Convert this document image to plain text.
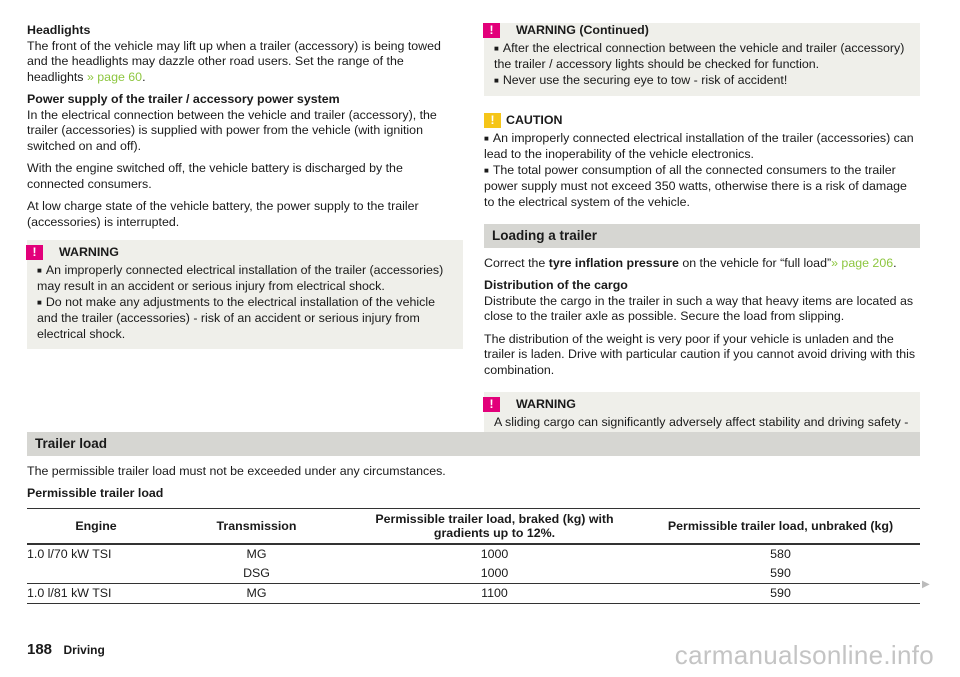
Headlights
The front of the vehicle may lift up when a trailer (accessory) is being towed and the headlights may dazzle other road users. Set the range of the headlights » page 60.

Power supply of the trailer / accessory power system
In the electrical connection between the vehicle and trailer (accessory), the trailer (accessories) is supplied with power from the vehicle (with ignition switched on and off).

With the engine switched off, the vehicle battery is discharged by the connected consumers.

At low charge state of the vehicle battery, the power supply to the trailer (accessories) is interrupted.

!	WARNING
■ An improperly connected electrical installation of the trailer (accessories) may result in an accident or serious injury from electrical shock.
■ Do not make any adjustments to the electrical installation of the vehicle and the trailer (accessories) - risk of an accident or serious injury from electrical shock.
!	WARNING (Continued)
■ After the electrical connection between the vehicle and trailer (accessory) the trailer / accessory lights should be checked for function.
■ Never use the securing eye to tow - risk of accident!
! CAUTION
■ An improperly connected electrical installation of the trailer (accessories) can lead to the inoperability of the vehicle electronics.
■ The total power consumption of all the connected consumers to the trailer power supply must not exceed 350 watts, otherwise there is a risk of damage to the electrical system of the vehicle.
Loading a trailer

Correct the tyre inflation pressure on the vehicle for “full load”» page 206.

Distribution of the cargo
Distribute the cargo in the trailer in such a way that heavy items are located as close to the trailer axle as possible. Secure the load from slipping.

The distribution of the weight is very poor if your vehicle is unladen and the trailer is laden. Drive with particular caution if you cannot avoid driving with this combination.

!	WARNING
A sliding cargo can significantly adversely affect stability and driving safety -
Trailer load

The permissible trailer load must not be exceeded under any circumstances.

Permissible trailer load

Engine	Transmission	Permissible trailer load, braked (kg) with gradients up to 12%.	Permissible trailer load, unbraked (kg)
1.0 l/70 kW TSI	MG	1000	580
	DSG	1000	590
1.0 l/81 kW TSI	MG	1100	590
▶
188 Driving	carmanualsonline.info
